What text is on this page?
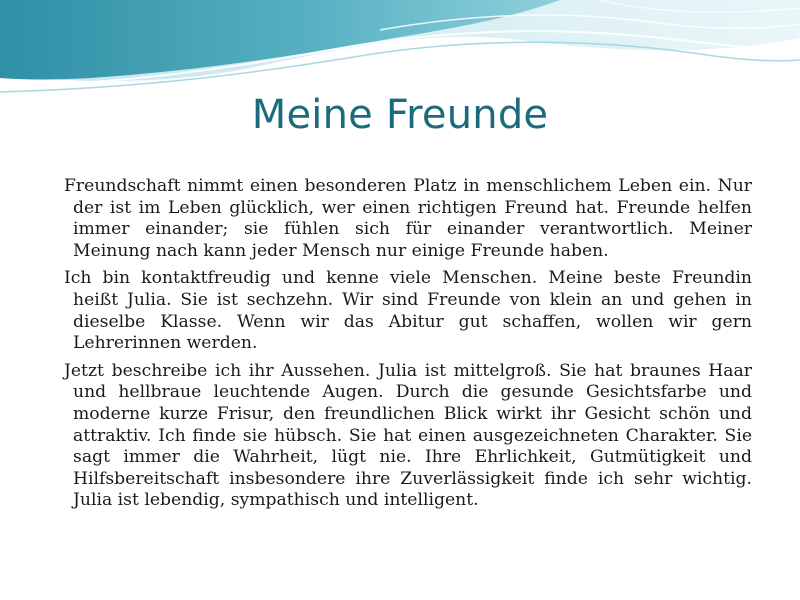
Meine Freunde

Freundschaft nimmt einen besonderen Platz in menschlichem Leben ein. Nur der ist im Leben glücklich, wer einen richtigen Freund hat. Freunde helfen immer einander; sie fühlen sich für einander verantwortlich. Meiner Meinung nach kann jeder Mensch nur einige Freunde haben.

Ich bin kontaktfreudig und kenne viele Menschen. Meine beste Freundin heißt Julia. Sie ist sechzehn. Wir sind Freunde von klein an und gehen in dieselbe Klasse. Wenn wir das Abitur gut schaffen, wollen wir gern Lehrerinnen werden.

Jetzt beschreibe ich ihr Aussehen. Julia ist mittelgroß. Sie hat braunes Haar und hellbraue leuchtende Augen. Durch die gesunde Gesichtsfarbe und moderne kurze Frisur, den freundlichen Blick wirkt ihr Gesicht schön und attraktiv. Ich finde sie hübsch. Sie hat einen ausgezeichneten Charakter. Sie sagt immer die Wahrheit, lügt nie. Ihre Ehrlichkeit, Gutmütigkeit und Hilfsbereitschaft insbesondere ihre Zuverlässigkeit finde ich sehr wichtig. Julia ist lebendig, sympathisch und intelligent.
